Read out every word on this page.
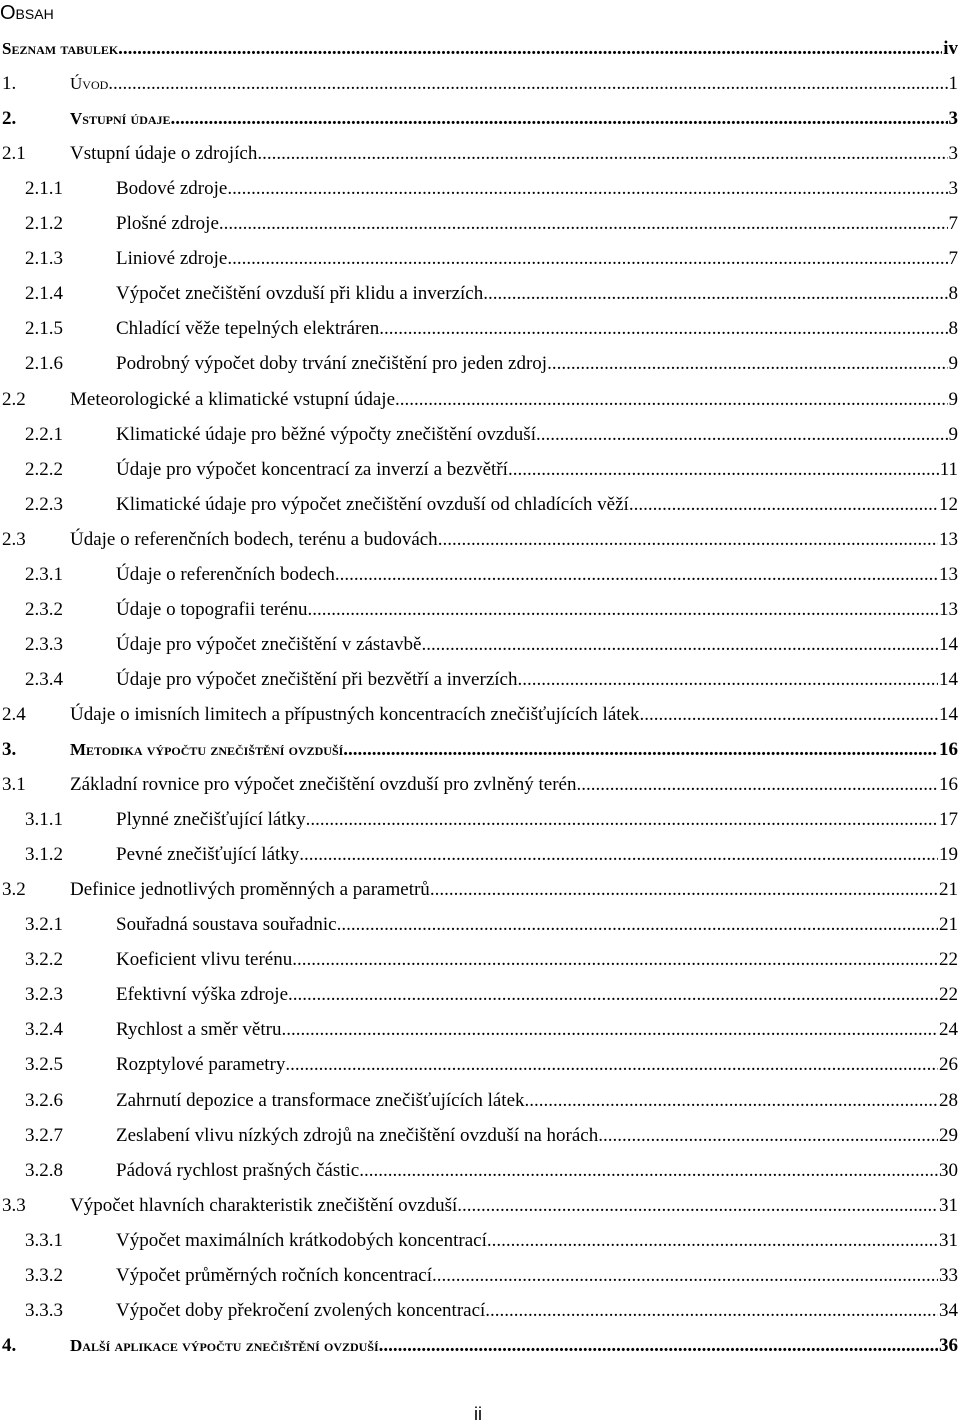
Obsah
Seznam tabulek .....	iv
1.	Úvod .....	1
2.	Vstupní údaje .....	3
2.1 Vstupní údaje o zdrojích .....	3
2.1.1	Bodové zdroje .....	3
2.1.2	Plošné zdroje .....	7
2.1.3	Liniové zdroje .....	7
2.1.4	Výpočet znečištění ovzduší při klidu a inverzích .....	8
2.1.5	Chladící věže tepelných elektráren .....	8
2.1.6	Podrobný výpočet doby trvání znečištění pro jeden zdroj .....	9
2.2 Meteorologické a klimatické vstupní údaje .....	9
2.2.1	Klimatické údaje pro běžné výpočty znečištění ovzduší .....	9
2.2.2	Údaje pro výpočet koncentrací za inverzí a bezvětří .....	11
2.2.3	Klimatické údaje pro výpočet znečištění ovzduší od chladících věží .....	12
2.3 Údaje o referenčních bodech, terénu a budovách .....	13
2.3.1	Údaje o referenčních bodech .....	13
2.3.2	Údaje o topografii terénu .....	13
2.3.3	Údaje pro výpočet znečištění v zástavbě .....	14
2.3.4	Údaje pro výpočet znečištění při bezvětří a inverzích .....	14
2.4 Údaje o imisních limitech a přípustných koncentracích znečišťujících látek .....	14
3.	Metodika výpočtu znečištění ovzduší .....	16
3.1 Základní rovnice pro výpočet znečištění ovzduší pro zvlněný terén .....	16
3.1.1	Plynné znečišťující látky .....	17
3.1.2	Pevné znečišťující látky .....	19
3.2 Definice jednotlivých proměnných a parametrů .....	21
3.2.1	Souřadná soustava souřadnic .....	21
3.2.2	Koeficient vlivu terénu .....	22
3.2.3	Efektivní výška zdroje .....	22
3.2.4	Rychlost a směr větru .....	24
3.2.5	Rozptylové parametry .....	26
3.2.6	Zahrnutí depozice a transformace znečišťujících látek .....	28
3.2.7	Zeslabení vlivu nízkých zdrojů na znečištění ovzduší na horách .....	29
3.2.8	Pádová rychlost prašných částic .....	30
3.3 Výpočet hlavních charakteristik znečištění ovzduší .....	31
3.3.1	Výpočet maximálních krátkodobých koncentrací .....	31
3.3.2	Výpočet průměrných ročních koncentrací .....	33
3.3.3	Výpočet doby překročení zvolených koncentrací .....	34
4.	Další aplikace výpočtu znečištění ovzduší .....	36
ii
